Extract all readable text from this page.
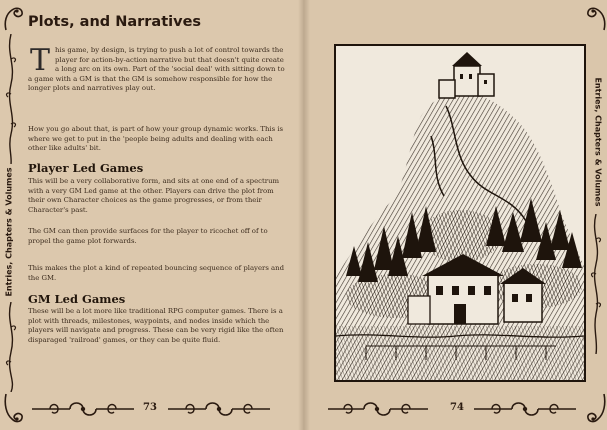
Entries, Chapters & Volumes
Plots, and Narratives

This game, by design, is trying to push a lot of control towards the player for action-by-action narrative but that doesn't quite create a long arc on its own. Part of the 'social deal' with sitting down to a game with a GM is that the GM is somehow responsible for how the longer plots and narratives play out.

How you go about that, is part of how your group dynamic works. This is where we get to put in the 'people being adults and dealing with each other like adults' bit.

Player Led Games

This will be a very collaborative form, and sits at one end of a spectrum with a very GM Led game at the other. Players can drive the plot from their own Character choices as the game progresses, or from their Character's past.

The GM can then provide surfaces for the player to ricochet off of to propel the game plot forwards.

This makes the plot a kind of repeated bouncing sequence of players and the GM.

GM Led Games

These will be a lot more like traditional RPG computer games. There is a plot with threads, milestones, waypoints, and nodes inside which the players will navigate and progress. These can be very rigid like the often disparaged 'railroad' games, or they can be quite fluid.

73	74
Entries, Chapters & Volumes
